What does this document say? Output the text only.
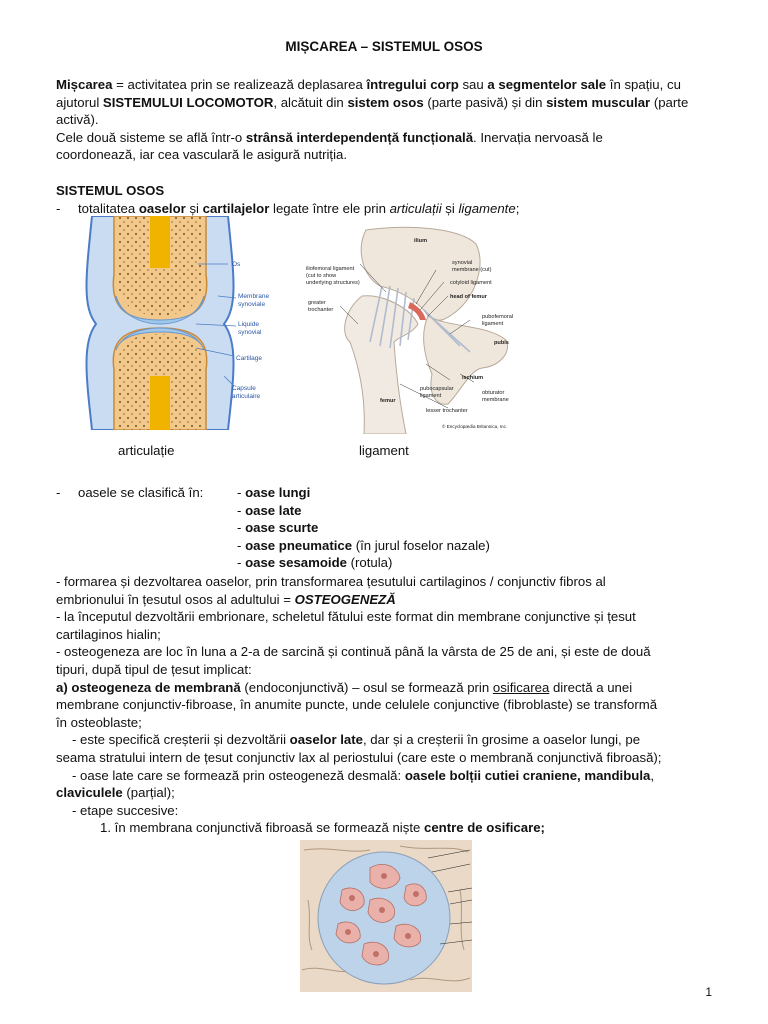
MIȘCAREA – SISTEMUL OSOS

Mișcarea = activitatea prin se realizează deplasarea întregului corp sau a segmentelor sale în spațiu, cu

ajutorul SISTEMULUI LOCOMOTOR, alcătuit din sistem osos (parte pasivă) și din sistem muscular (parte

activă).

Cele două sisteme se află într-o strânsă interdependență funcțională. Inervația nervoasă le

coordonează, iar cea vasculară le asigură nutriția.

SISTEMUL OSOS

- totalitatea oaselor și cartilajelor legate între ele prin articulații și ligamente;

Os
Membrane
synoviale
Liquide
synovial
Cartilage
Capsule
articulaire
ilium
iliofemoral ligament
(cut to show
underlying structures)
synovial
membrane (cut)
cotyloid ligament
head of femur
greater
trochanter
pubofemoral
ligament
pubis
ischium
pubocapsular
ligament	obturator
membrane
femur
lesser trochanter
© Encyclopædia Britannica, Inc.
articulație	ligament

- oasele se clasifică în:	- oase lungi
- oase late
- oase scurte
- oase pneumatice (în jurul foselor nazale)
- oase sesamoide (rotula)

- formarea și dezvoltarea oaselor, prin transformarea țesutului cartilaginos / conjunctiv fibros al

embrionului în țesutul osos al adultului = OSTEOGENEZĂ

- la începutul dezvoltării embrionare, scheletul fătului este format din membrane conjunctive și țesut

cartilaginos hialin;

- osteogeneza are loc în luna a 2-a de sarcină și continuă până la vârsta de 25 de ani, și este de două

tipuri, după tipul de țesut implicat:

a) osteogeneza de membrană (endoconjunctivă) – osul se formează prin osificarea directă a unei

membrane conjunctiv-fibroase, în anumite puncte, unde celulele conjunctive (fibroblaste) se transformă

în osteoblaste;

- este specifică creșterii și dezvoltării oaselor late, dar și a creșterii în grosime a oaselor lungi, pe

seama stratului intern de țesut conjunctiv lax al periostului (care este o membrană conjunctivă fibroasă);

- oase late care se formează prin osteogeneză desmală: oasele bolții cutiei craniene, mandibula,

claviculele (parțial);

- etape succesive:

1. în membrana conjunctivă fibroasă se formează niște centre de osificare;

1
